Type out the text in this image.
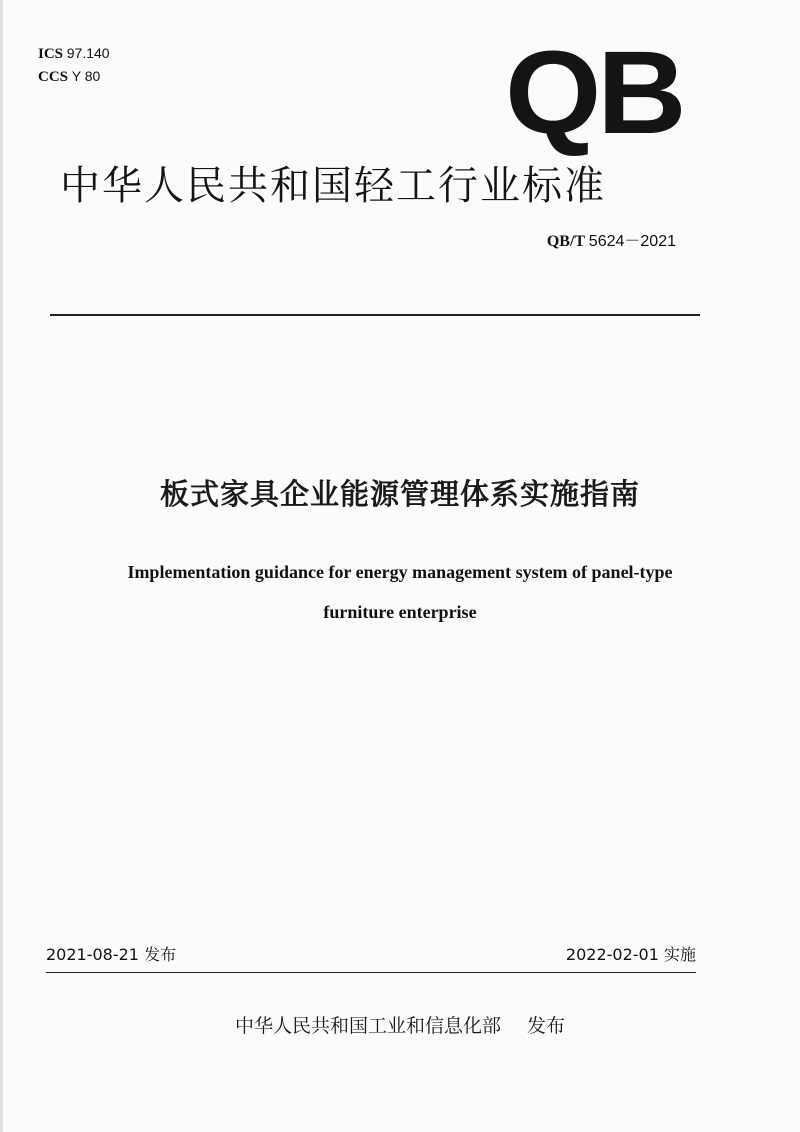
ICS 97.140
CCS Y 80	QB
中华人民共和国轻工行业标准
QB/T 5624－2021
板式家具企业能源管理体系实施指南
Implementation guidance for energy management system of panel-type
furniture enterprise
2021-08-21 发布	2022-02-01 实施
中华人民共和国工业和信息化部 发布
